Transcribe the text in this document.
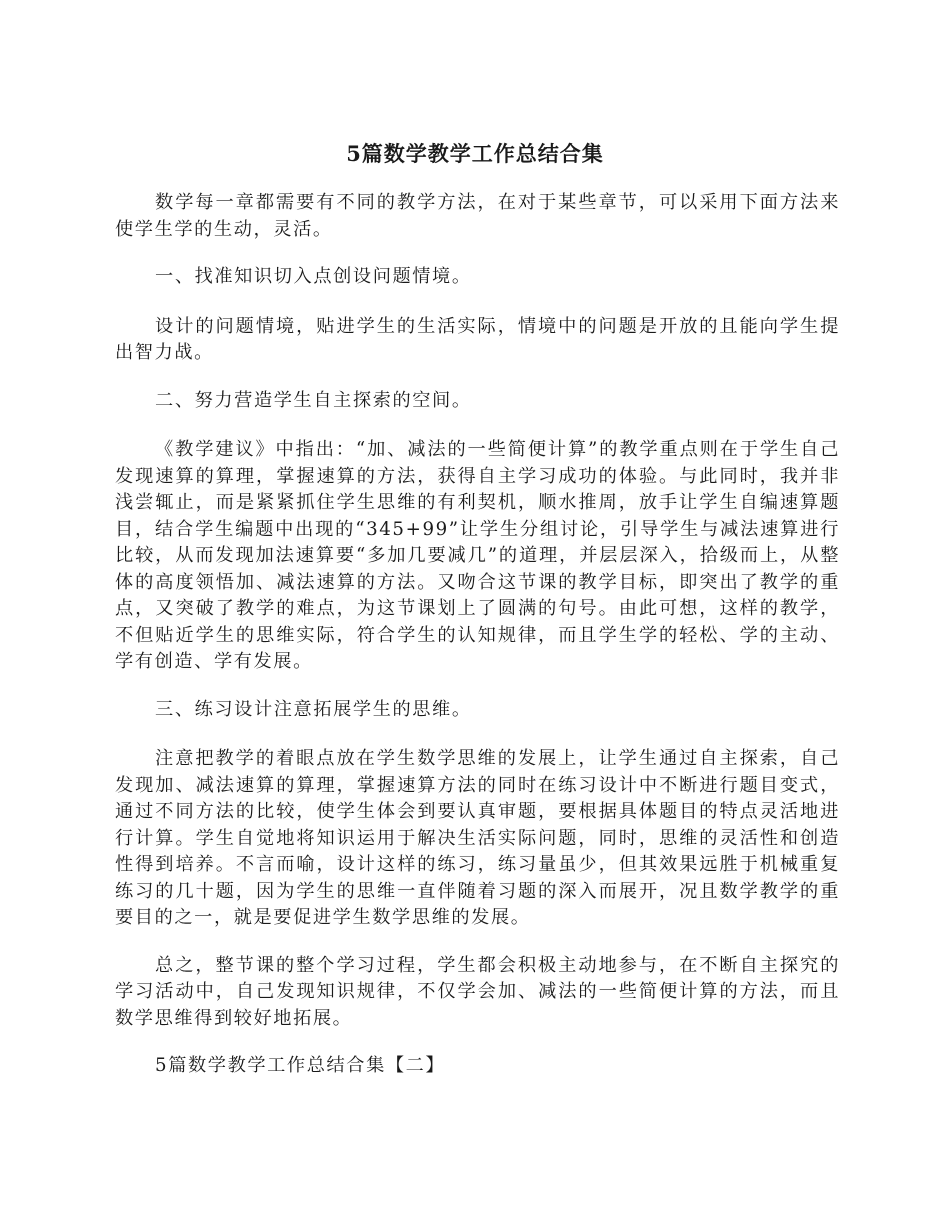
5篇数学教学工作总结合集

数学每一章都需要有不同的教学方法，在对于某些章节，可以采用下面方法来使学生学的生动，灵活。

一、找准知识切入点创设问题情境。

设计的问题情境，贴进学生的生活实际，情境中的问题是开放的且能向学生提出智力战。

二、努力营造学生自主探索的空间。

《教学建议》中指出：“加、减法的一些简便计算”的教学重点则在于学生自己发现速算的算理，掌握速算的方法，获得自主学习成功的体验。与此同时，我并非浅尝辄止，而是紧紧抓住学生思维的有利契机，顺水推周，放手让学生自编速算题目，结合学生编题中出现的“345+99”让学生分组讨论，引导学生与减法速算进行比较，从而发现加法速算要“多加几要减几”的道理，并层层深入，拾级而上，从整体的高度领悟加、减法速算的方法。又吻合这节课的教学目标，即突出了教学的重点，又突破了教学的难点，为这节课划上了圆满的句号。由此可想，这样的教学，不但贴近学生的思维实际，符合学生的认知规律，而且学生学的轻松、学的主动、学有创造、学有发展。

三、练习设计注意拓展学生的思维。

注意把教学的着眼点放在学生数学思维的发展上，让学生通过自主探索，自己发现加、减法速算的算理，掌握速算方法的同时在练习设计中不断进行题目变式，通过不同方法的比较，使学生体会到要认真审题，要根据具体题目的特点灵活地进行计算。学生自觉地将知识运用于解决生活实际问题，同时，思维的灵活性和创造性得到培养。不言而喻，设计这样的练习，练习量虽少，但其效果远胜于机械重复练习的几十题，因为学生的思维一直伴随着习题的深入而展开，况且数学教学的重要目的之一，就是要促进学生数学思维的发展。

总之，整节课的整个学习过程，学生都会积极主动地参与，在不断自主探究的学习活动中，自己发现知识规律，不仅学会加、减法的一些简便计算的方法，而且数学思维得到较好地拓展。

5篇数学教学工作总结合集【二】
